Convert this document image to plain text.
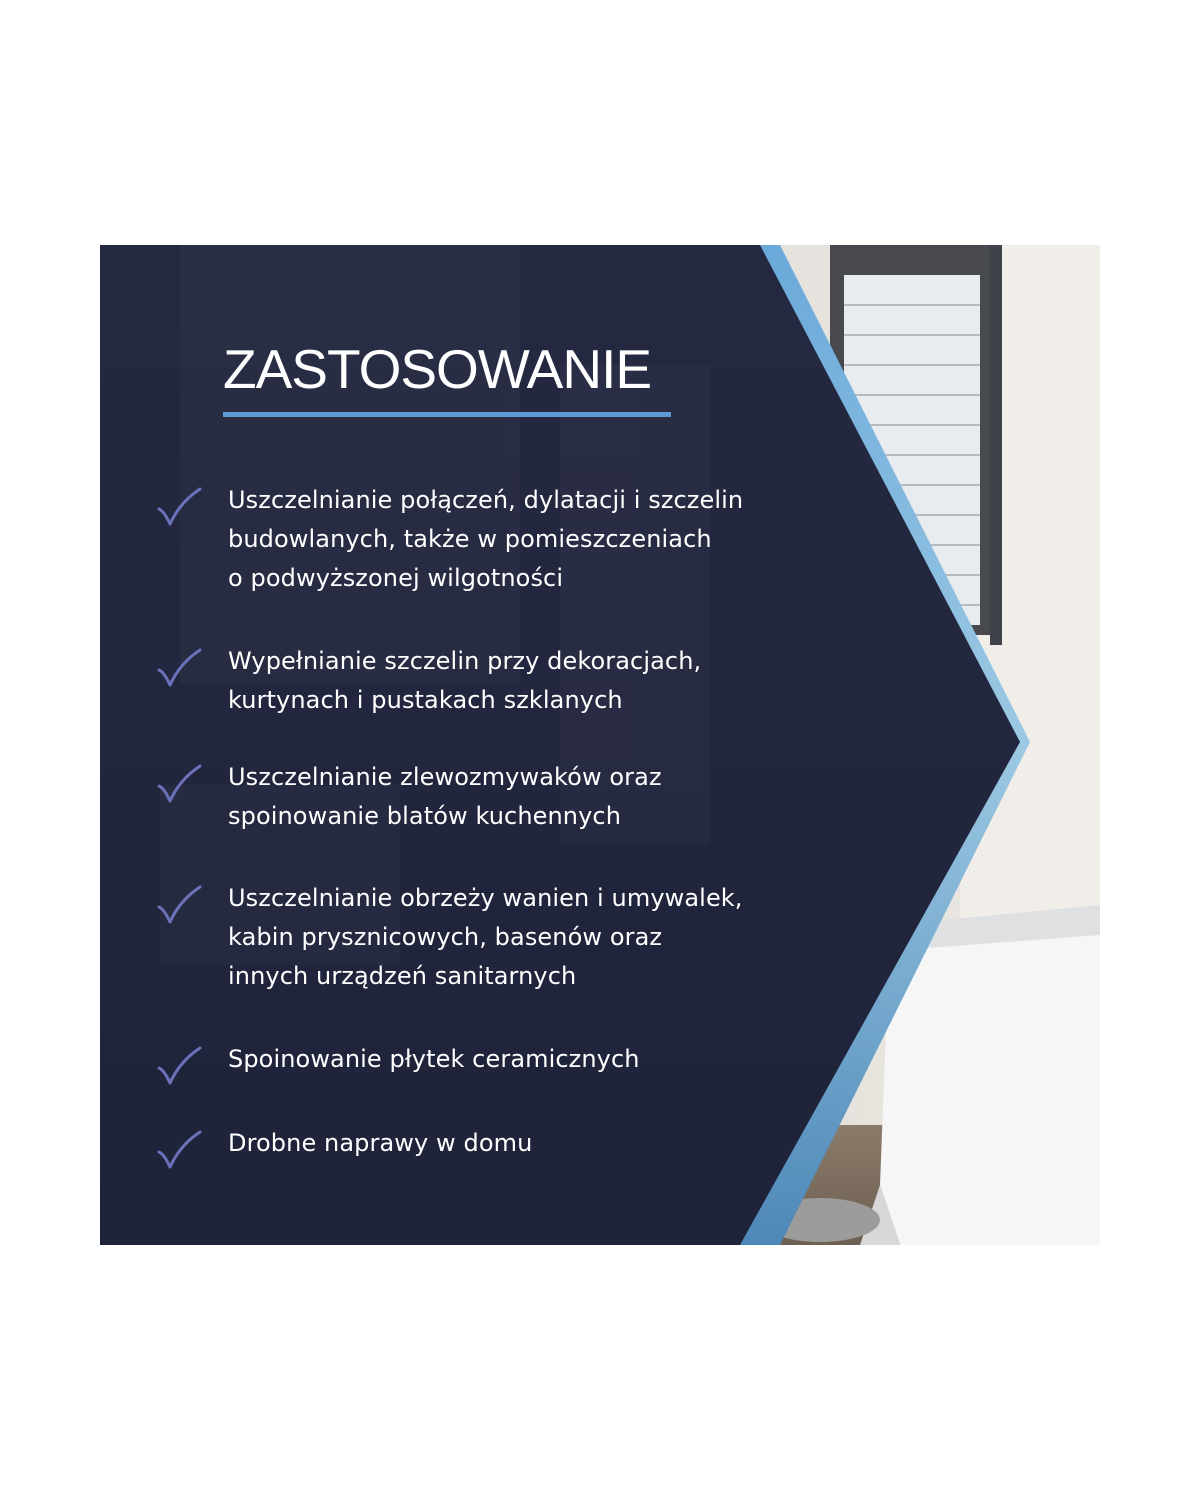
ZASTOSOWANIE

Uszczelnianie połączeń, dylatacji i szczelin
budowlanych, także w pomieszczeniach
o podwyższonej wilgotności

Wypełnianie szczelin przy dekoracjach,
kurtynach i pustakach szklanych

Uszczelnianie zlewozmywaków oraz
spoinowanie blatów kuchennych

Uszczelnianie obrzeży wanien i umywalek,
kabin prysznicowych, basenów oraz
innych urządzeń sanitarnych

Spoinowanie płytek ceramicznych

Drobne naprawy w domu
